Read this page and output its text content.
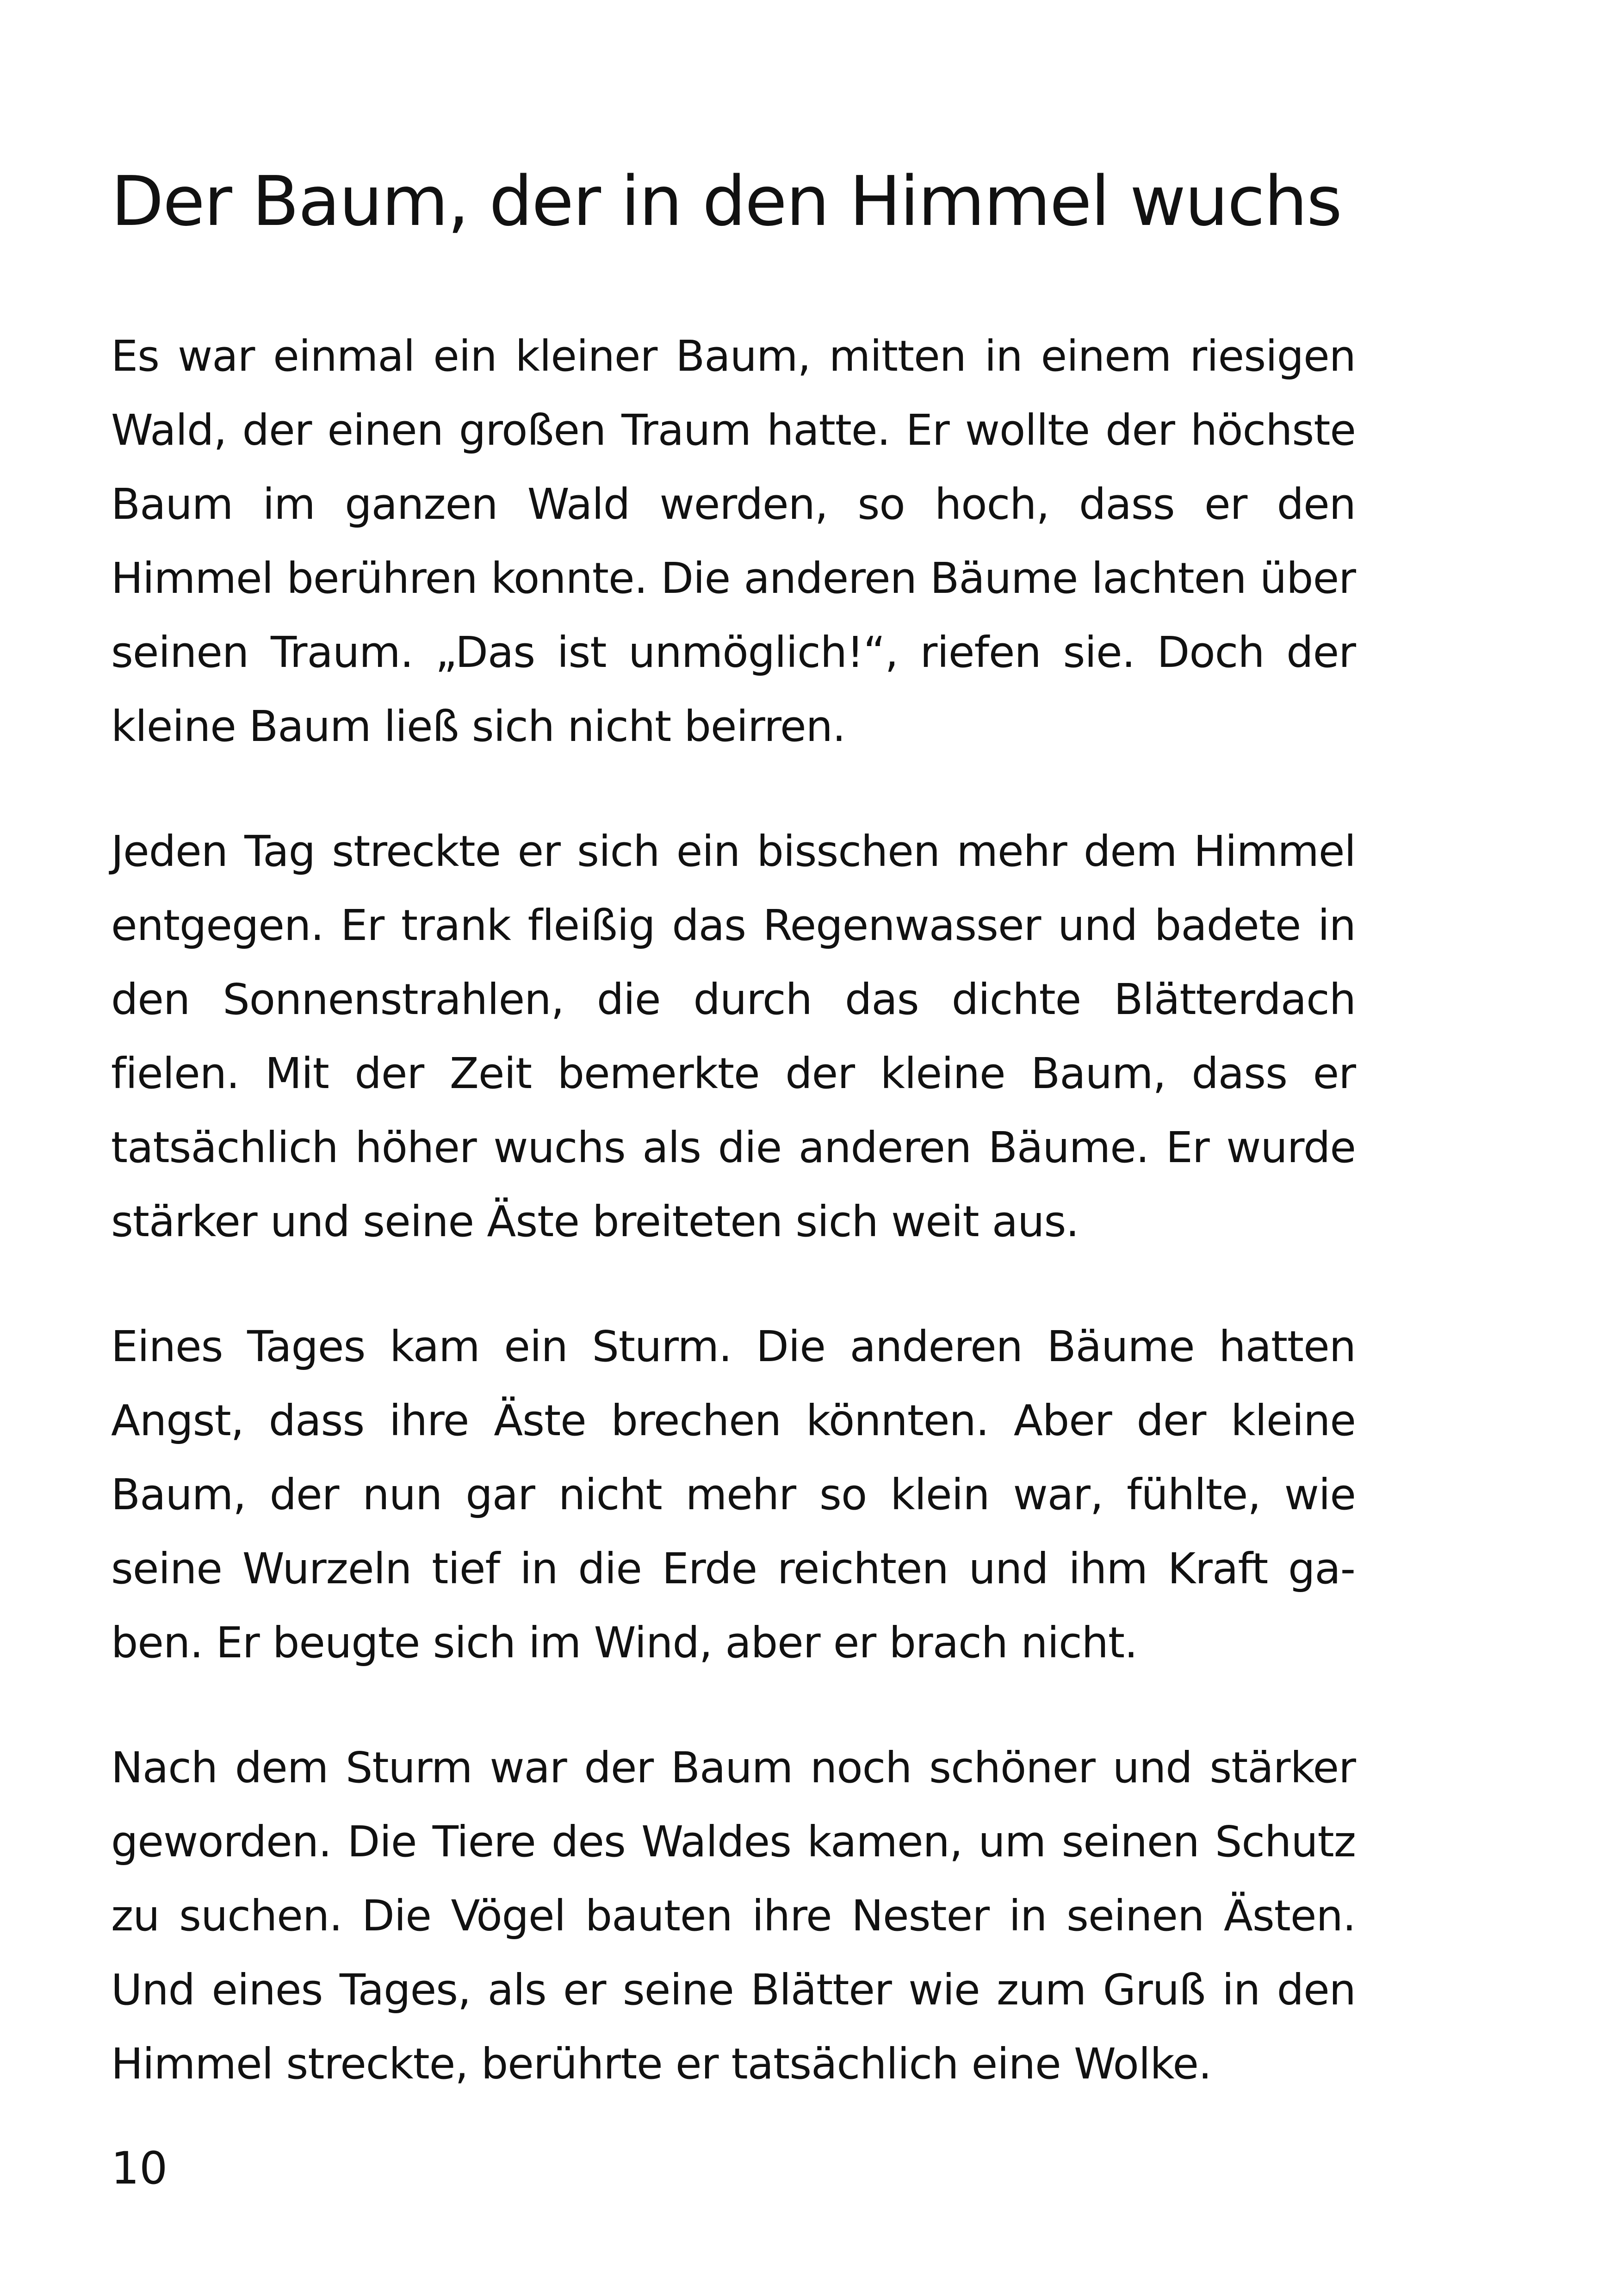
Der Baum, der in den Himmel wuchs

Es war einmal ein kleiner Baum, mitten in einem riesigen Wald, der einen großen Traum hatte. Er wollte der höchste Baum im ganzen Wald werden, so hoch, dass er den Himmel berühren konnte. Die anderen Bäume lachten über seinen Traum. „Das ist unmöglich!“, riefen sie. Doch der kleine Baum ließ sich nicht beirren.

Jeden Tag streckte er sich ein bisschen mehr dem Himmel entgegen. Er trank fleißig das Regenwasser und badete in den Sonnenstrahlen, die durch das dichte Blätterdach fielen. Mit der Zeit bemerkte der kleine Baum, dass er tatsächlich höher wuchs als die anderen Bäume. Er wurde stärker und seine Äste breiteten sich weit aus.

Eines Tages kam ein Sturm. Die anderen Bäume hatten Angst, dass ihre Äste brechen könnten. Aber der kleine Baum, der nun gar nicht mehr so klein war, fühlte, wie seine Wurzeln tief in die Erde reichten und ihm Kraft gaben. Er beugte sich im Wind, aber er brach nicht.

Nach dem Sturm war der Baum noch schöner und stärker geworden. Die Tiere des Waldes kamen, um seinen Schutz zu suchen. Die Vögel bauten ihre Nester in seinen Ästen. Und eines Tages, als er seine Blätter wie zum Gruß in den Himmel streckte, berührte er tatsächlich eine Wolke.

10
